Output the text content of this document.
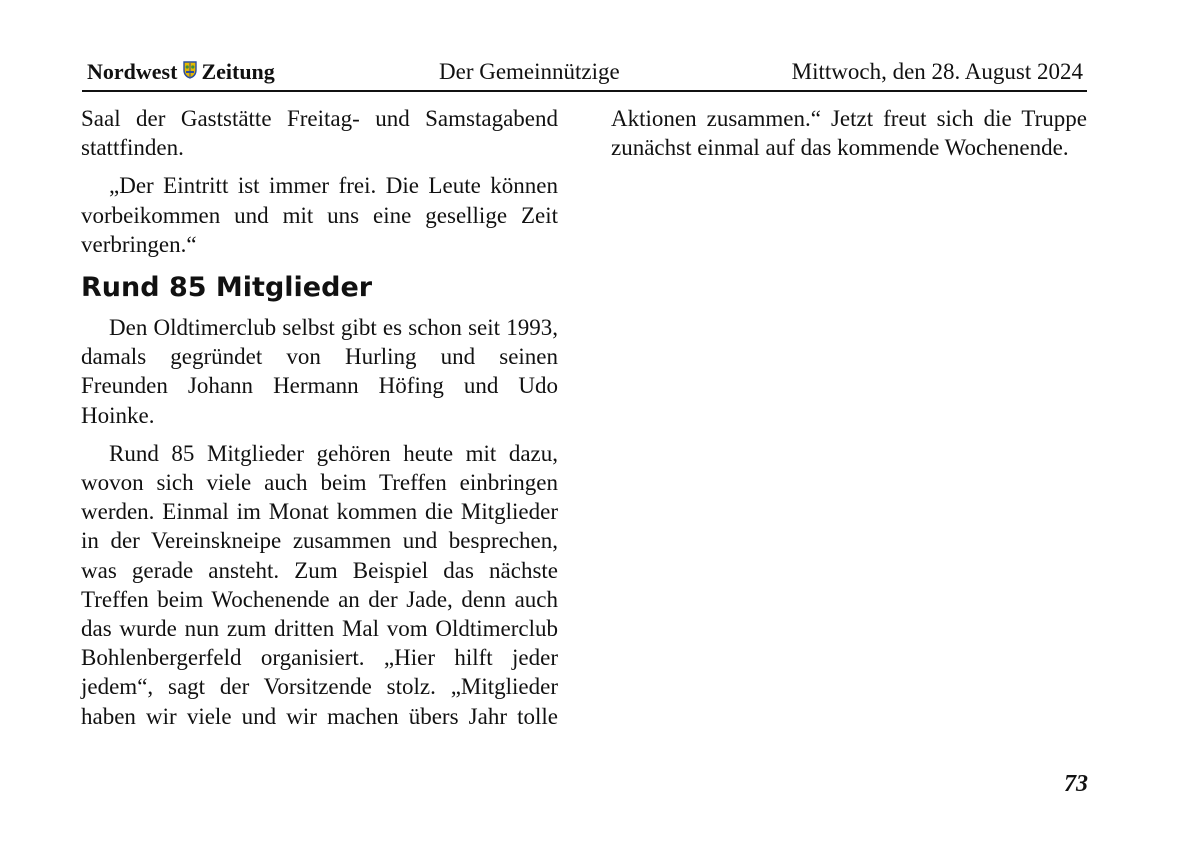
Nordwest Zeitung	Der Gemeinnützige	Mittwoch, den 28. August 2024

Saal der Gaststätte Freitag- und Samstagabend stattfinden.

„Der Eintritt ist immer frei. Die Leute können vorbeikommen und mit uns eine gesellige Zeit verbringen.“

Rund 85 Mitglieder

Den Oldtimerclub selbst gibt es schon seit 1993, damals gegründet von Hurling und seinen Freunden Johann Hermann Höfing und Udo Hoinke.

Rund 85 Mitglieder gehören heute mit dazu, wovon sich viele auch beim Treffen einbringen werden. Einmal im Monat kommen die Mitglieder in der Vereinskneipe zusammen und besprechen, was gerade ansteht. Zum Beispiel das nächste Treffen beim Wochenende an der Jade, denn auch das wurde nun zum dritten Mal vom Oldtimerclub Bohlenbergerfeld organisiert. „Hier hilft jeder jedem“, sagt der Vorsitzende stolz. „Mitglieder haben wir viele und wir machen übers Jahr tolle

Aktionen zusammen.“ Jetzt freut sich die Truppe zunächst einmal auf das kommende Wochenende.

73
